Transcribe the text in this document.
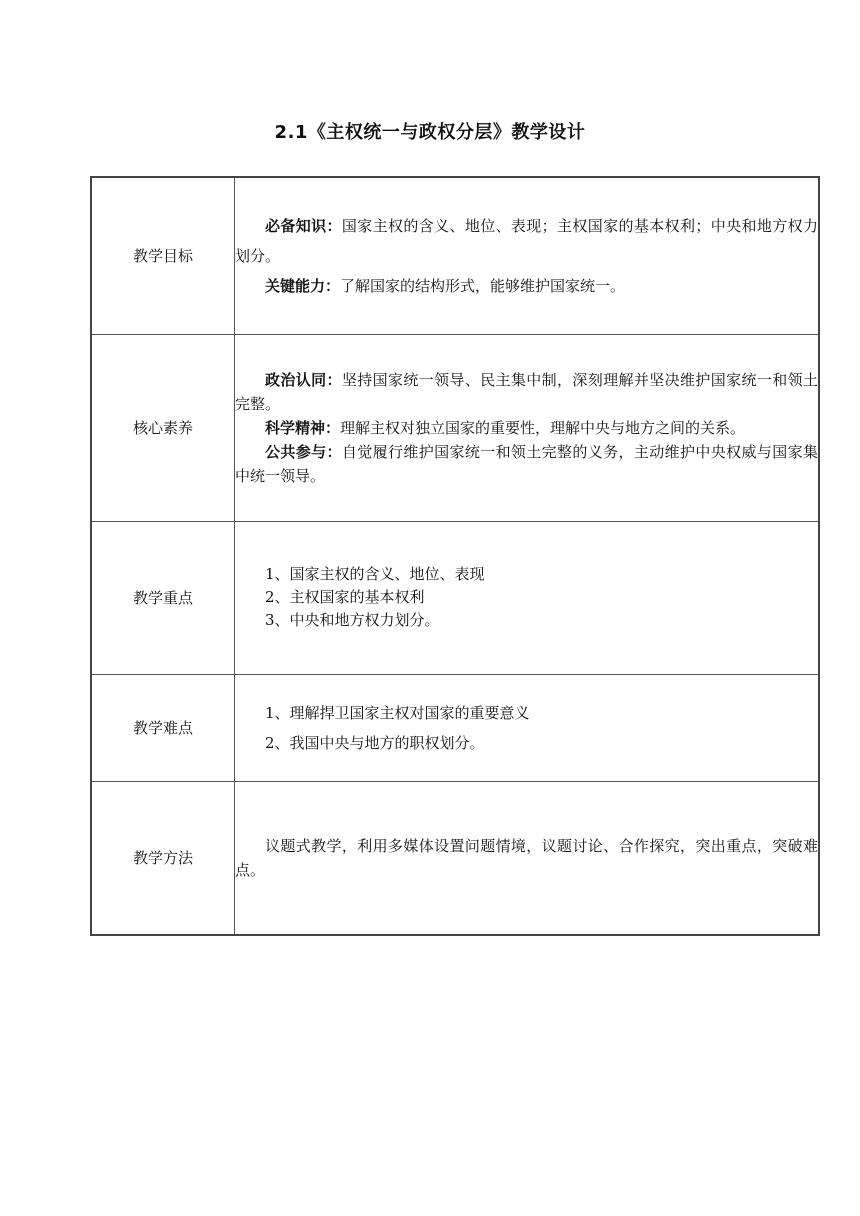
2.1《主权统一与政权分层》教学设计
教学目标	必备知识：国家主权的含义、地位、表现；主权国家的基本权利；中央和地方权力划分。

关键能力：了解国家的结构形式，能够维护国家统一。

核心素养	政治认同：坚持国家统一领导、民主集中制，深刻理解并坚决维护国家统一和领土完整。

科学精神：理解主权对独立国家的重要性，理解中央与地方之间的关系。

公共参与：自觉履行维护国家统一和领土完整的义务，主动维护中央权威与国家集中统一领导。

教学重点	1、国家主权的含义、地位、表现

2、主权国家的基本权利

3、中央和地方权力划分。

教学难点	1、理解捍卫国家主权对国家的重要意义

2、我国中央与地方的职权划分。

教学方法	议题式教学，利用多媒体设置问题情境，议题讨论、合作探究，突出重点，突破难点。
